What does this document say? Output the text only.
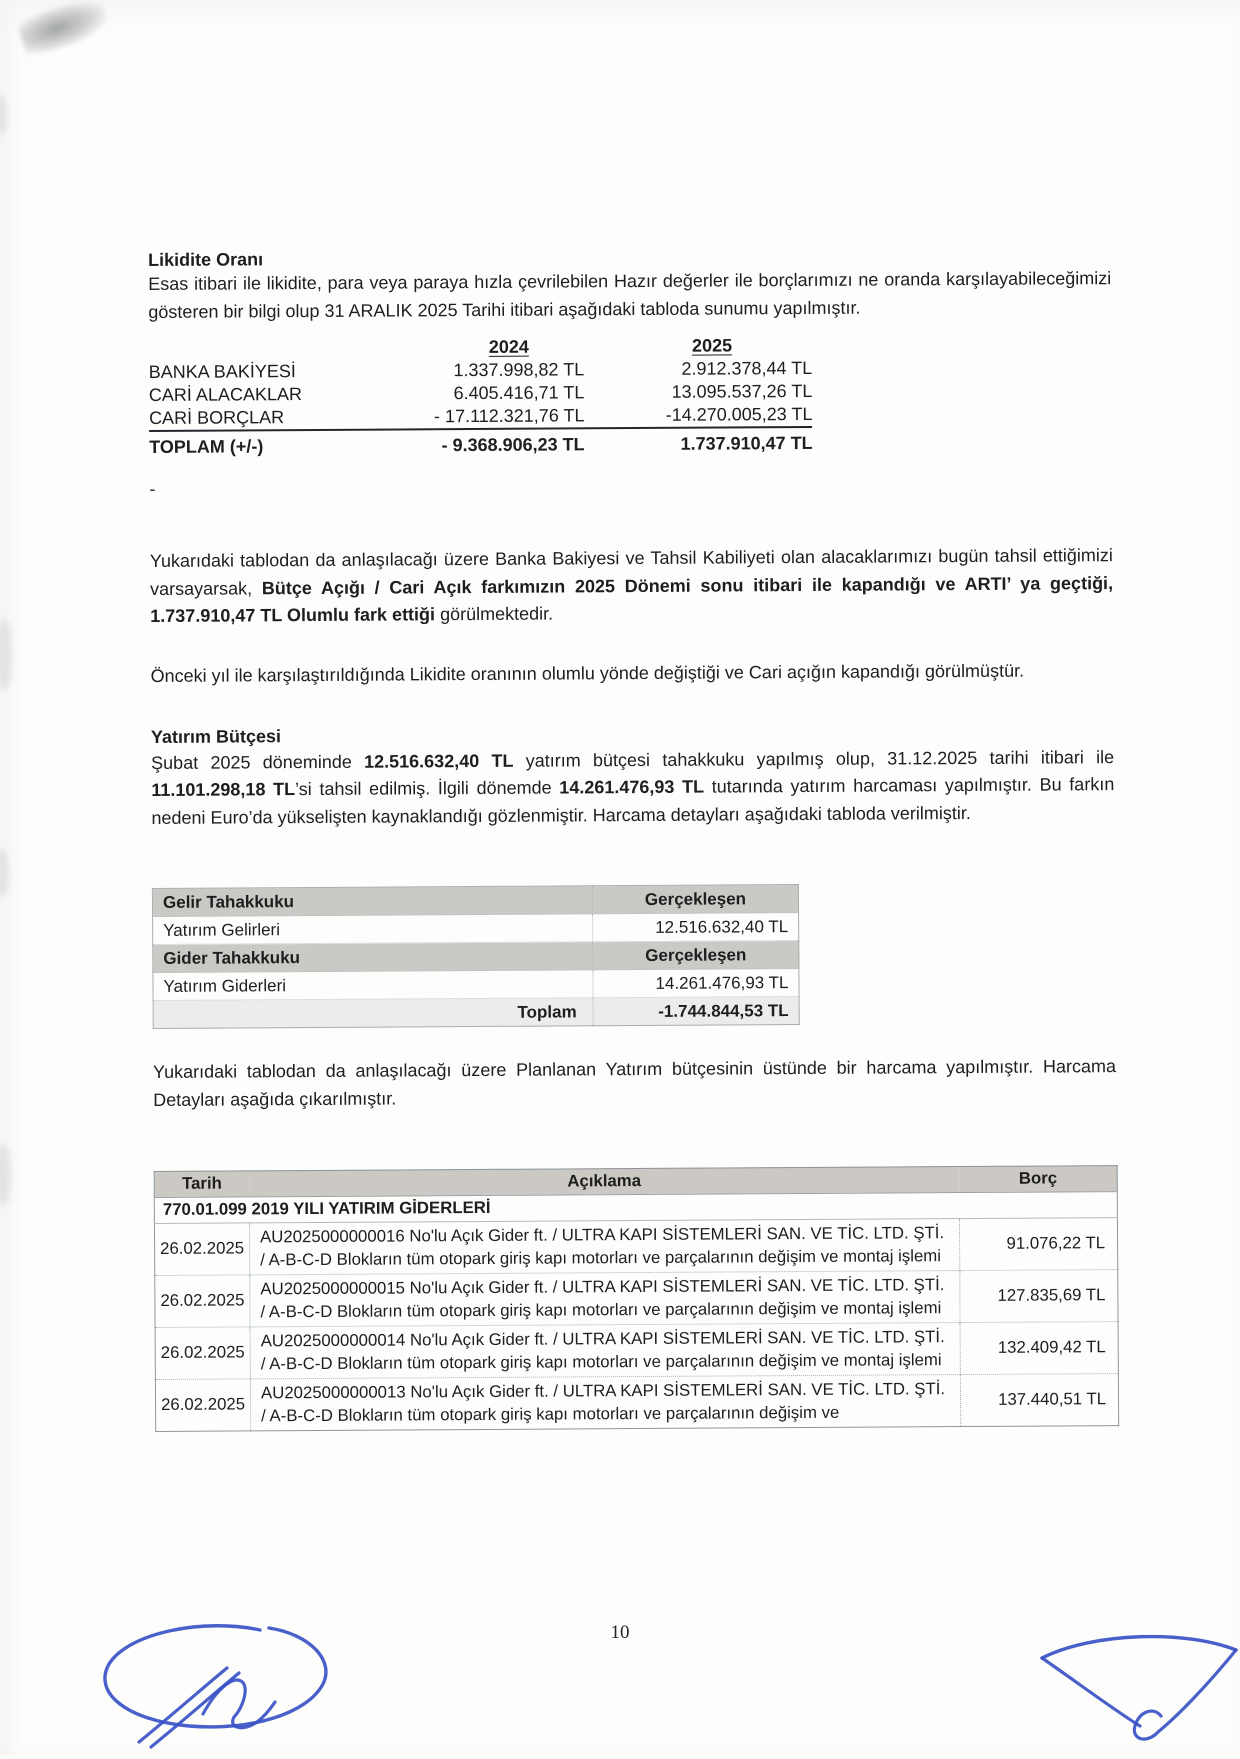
Likidite Oranı

Esas itibari ile likidite, para veya paraya hızla çevrilebilen Hazır değerler ile borçlarımızı ne oranda karşılayabileceğimizi gösteren bir bilgi olup 31 ARALIK 2025 Tarihi itibari aşağıdaki tabloda sunumu yapılmıştır.

	2024	2025
BANKA BAKİYESİ	1.337.998,82 TL	2.912.378,44 TL
CARİ ALACAKLAR	6.405.416,71 TL	13.095.537,26 TL
CARİ BORÇLAR	- 17.112.321,76 TL	-14.270.005,23 TL
TOPLAM (+/-)	- 9.368.906,23 TL	1.737.910,47 TL
-

Yukarıdaki tablodan da anlaşılacağı üzere Banka Bakiyesi ve Tahsil Kabiliyeti olan alacaklarımızı bugün tahsil ettiğimizi varsayarsak, Bütçe Açığı / Cari Açık farkımızın 2025 Dönemi sonu itibari ile kapandığı ve ARTI’ ya geçtiği, 1.737.910,47 TL Olumlu fark ettiği görülmektedir.

Önceki yıl ile karşılaştırıldığında Likidite oranının olumlu yönde değiştiği ve Cari açığın kapandığı görülmüştür.

Yatırım Bütçesi

Şubat 2025 döneminde 12.516.632,40 TL yatırım bütçesi tahakkuku yapılmış olup, 31.12.2025 tarihi itibari ile 11.101.298,18 TL’si tahsil edilmiş. İlgili dönemde 14.261.476,93 TL tutarında yatırım harcaması yapılmıştır. Bu farkın nedeni Euro’da yükselişten kaynaklandığı gözlenmiştir. Harcama detayları aşağıdaki tabloda verilmiştir.

Gelir Tahakkuku	Gerçekleşen
Yatırım Gelirleri	12.516.632,40 TL
Gider Tahakkuku	Gerçekleşen
Yatırım Giderleri	14.261.476,93 TL
Toplam	-1.744.844,53 TL

Yukarıdaki tablodan da anlaşılacağı üzere Planlanan Yatırım bütçesinin üstünde bir harcama yapılmıştır. Harcama Detayları aşağıda çıkarılmıştır.

Tarih	Açıklama	Borç
770.01.099 2019 YILI YATIRIM GİDERLERİ		
26.02.2025	AU2025000000016 No'lu Açık Gider ft. / ULTRA KAPI SİSTEMLERİ SAN. VE TİC. LTD. ŞTİ. / A-B-C-D Blokların tüm otopark giriş kapı motorları ve parçalarının değişim ve montaj işlemi	91.076,22 TL
26.02.2025	AU2025000000015 No'lu Açık Gider ft. / ULTRA KAPI SİSTEMLERİ SAN. VE TİC. LTD. ŞTİ. / A-B-C-D Blokların tüm otopark giriş kapı motorları ve parçalarının değişim ve montaj işlemi	127.835,69 TL
26.02.2025	AU2025000000014 No'lu Açık Gider ft. / ULTRA KAPI SİSTEMLERİ SAN. VE TİC. LTD. ŞTİ. / A-B-C-D Blokların tüm otopark giriş kapı motorları ve parçalarının değişim ve montaj işlemi	132.409,42 TL
26.02.2025	AU2025000000013 No'lu Açık Gider ft. / ULTRA KAPI SİSTEMLERİ SAN. VE TİC. LTD. ŞTİ. / A-B-C-D Blokların tüm otopark giriş kapı motorları ve parçalarının değişim ve	137.440,51 TL
10
